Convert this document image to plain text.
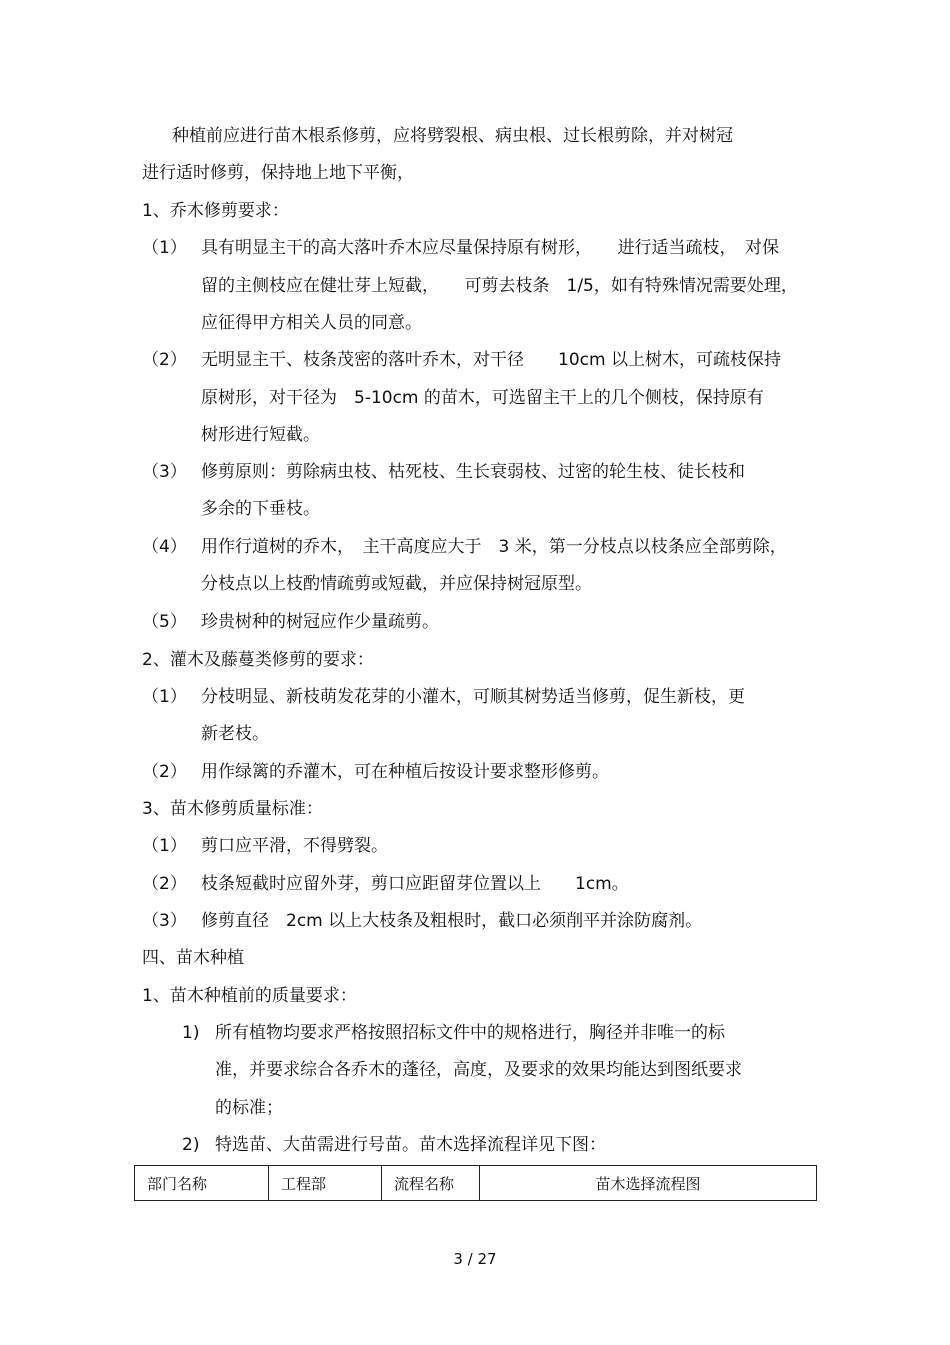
种植前应进行苗木根系修剪，应将劈裂根、病虫根、过长根剪除，并对树冠
进行适时修剪，保持地上地下平衡，
1、乔木修剪要求：
（1） 具有明显主干的高大落叶乔木应尽量保持原有树形，　　进行适当疏枝，　对保
留的主侧枝应在健壮芽上短截，　　可剪去枝条　1/5，如有特殊情况需要处理，
应征得甲方相关人员的同意。
（2） 无明显主干、枝条茂密的落叶乔木，对干径　　10cm 以上树木，可疏枝保持
原树形，对干径为　5-10cm 的苗木，可选留主干上的几个侧枝，保持原有
树形进行短截。
（3） 修剪原则：剪除病虫枝、枯死枝、生长衰弱枝、过密的轮生枝、徒长枝和
多余的下垂枝。
（4） 用作行道树的乔木，　主干高度应大于　3 米，第一分枝点以枝条应全部剪除，
分枝点以上枝酌情疏剪或短截，并应保持树冠原型。
（5） 珍贵树种的树冠应作少量疏剪。
2、灌木及藤蔓类修剪的要求：
（1） 分枝明显、新枝萌发花芽的小灌木，可顺其树势适当修剪，促生新枝，更
新老枝。
（2） 用作绿篱的乔灌木，可在种植后按设计要求整形修剪。
3、苗木修剪质量标准：
（1） 剪口应平滑，不得劈裂。
（2） 枝条短截时应留外芽，剪口应距留芽位置以上　　1cm。
（3） 修剪直径　2cm 以上大枝条及粗根时，截口必须削平并涂防腐剂。
四、苗木种植
1、苗木种植前的质量要求：
1) 所有植物均要求严格按照招标文件中的规格进行，胸径并非唯一的标
准，并要求综合各乔木的蓬径，高度，及要求的效果均能达到图纸要求
的标准；
2) 特选苗、大苗需进行号苗。苗木选择流程详见下图：
部门名称	工程部	流程名称	苗木选择流程图
3 / 27
